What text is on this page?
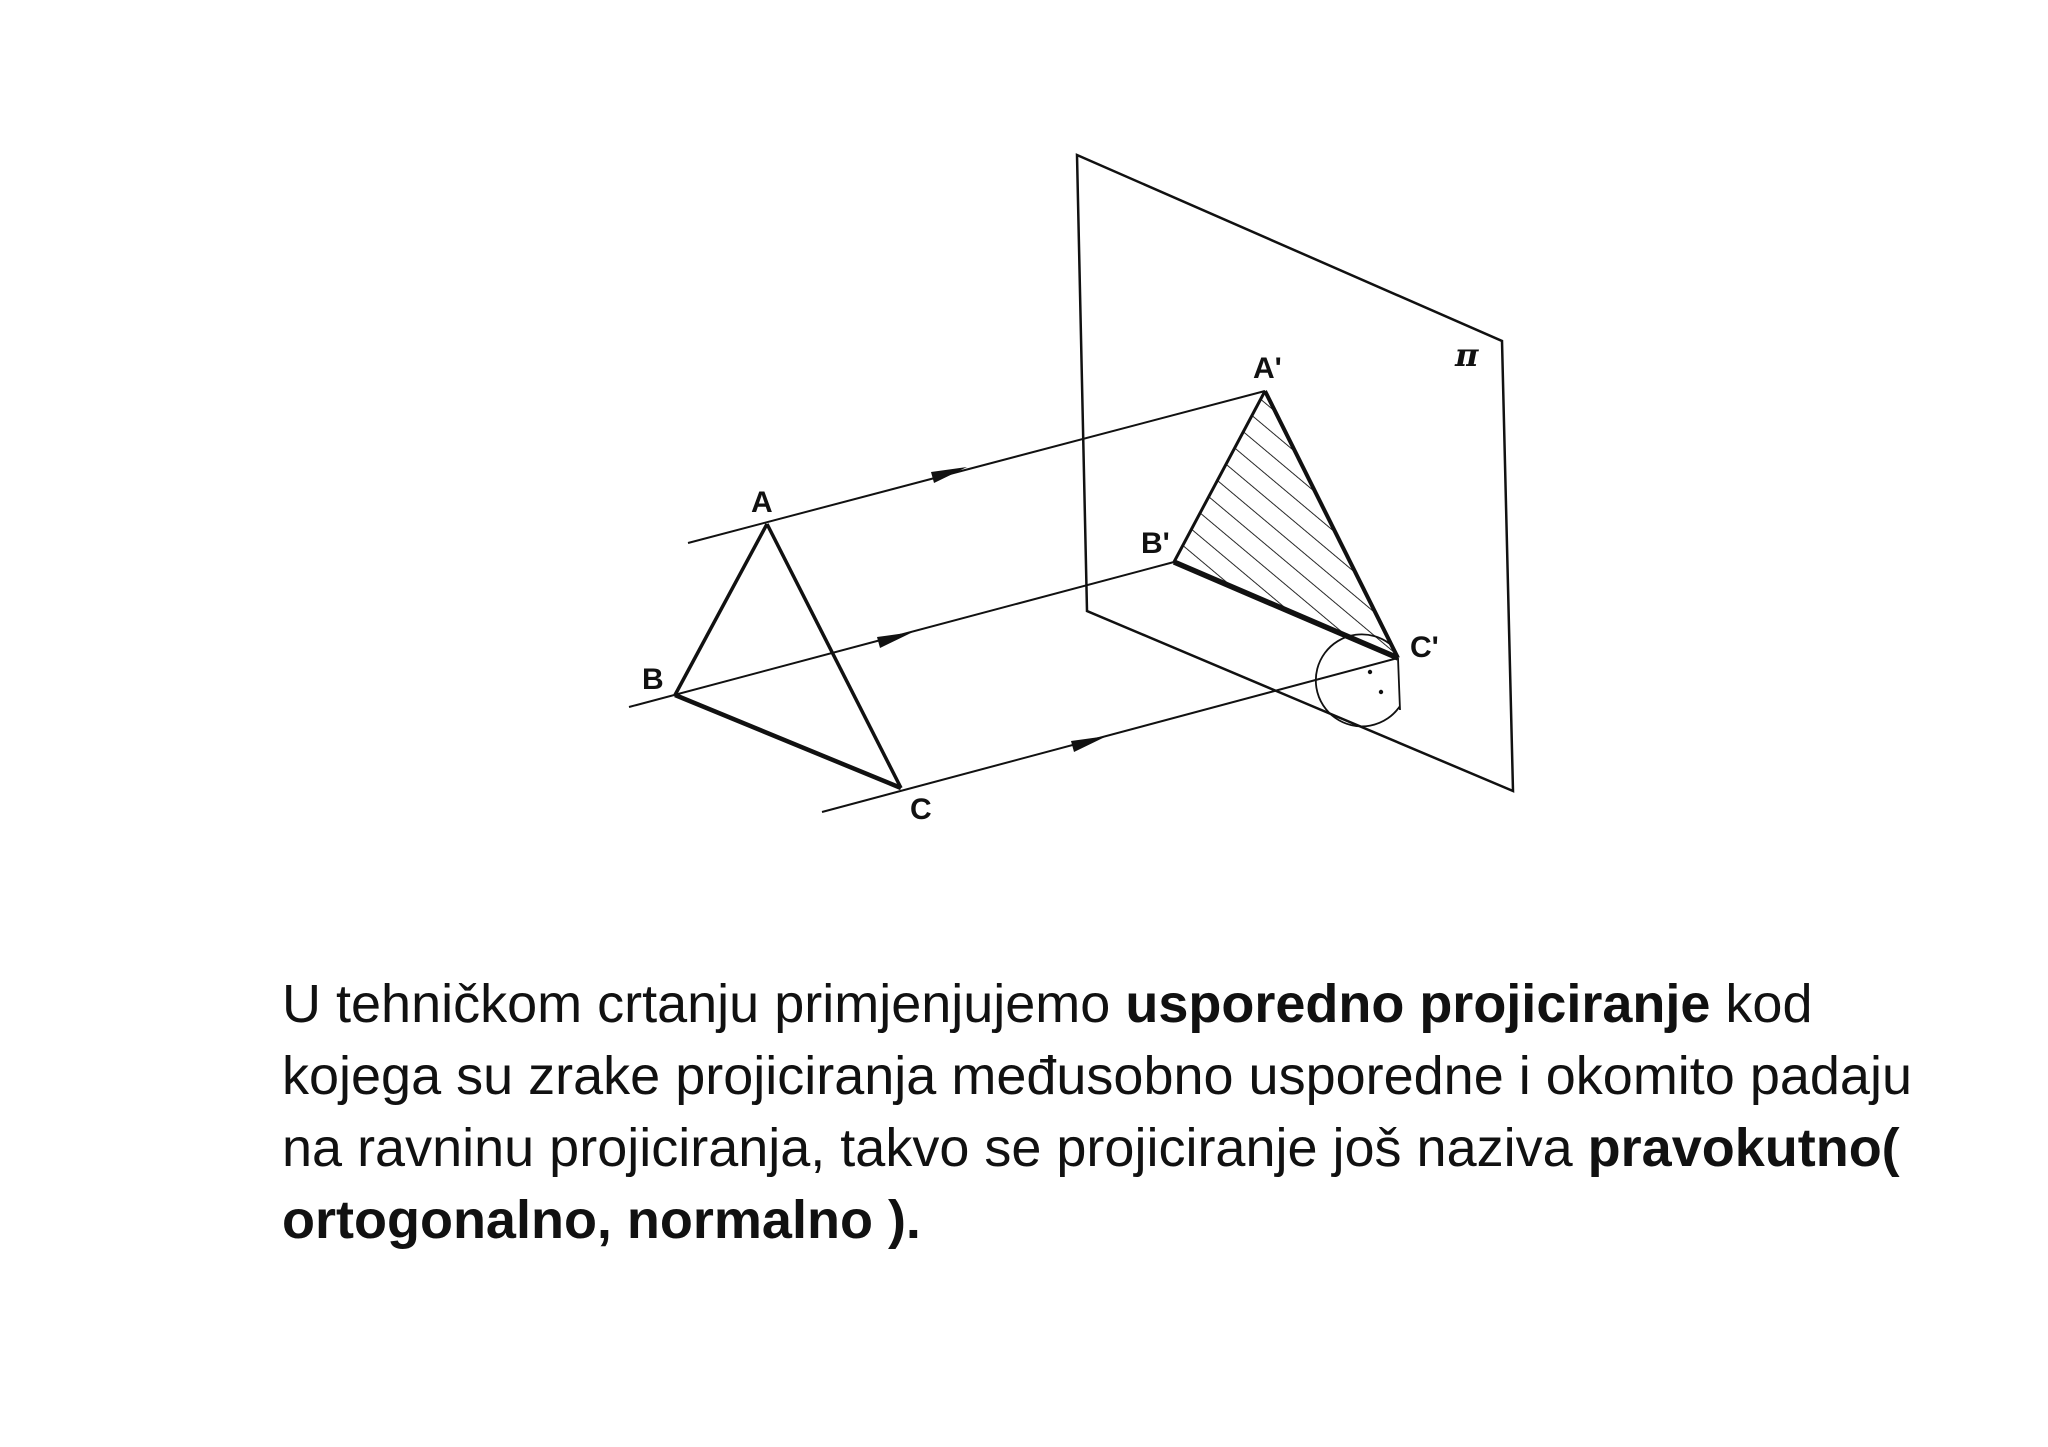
A
B
C
A'
B'
C'
π

U tehničkom crtanju primjenjujemo usporedno projiciranje kod kojega su zrake projiciranja međusobno usporedne i okomito padaju na ravninu projiciranja, takvo se projiciranje još naziva pravokutno( ortogonalno, normalno ).
